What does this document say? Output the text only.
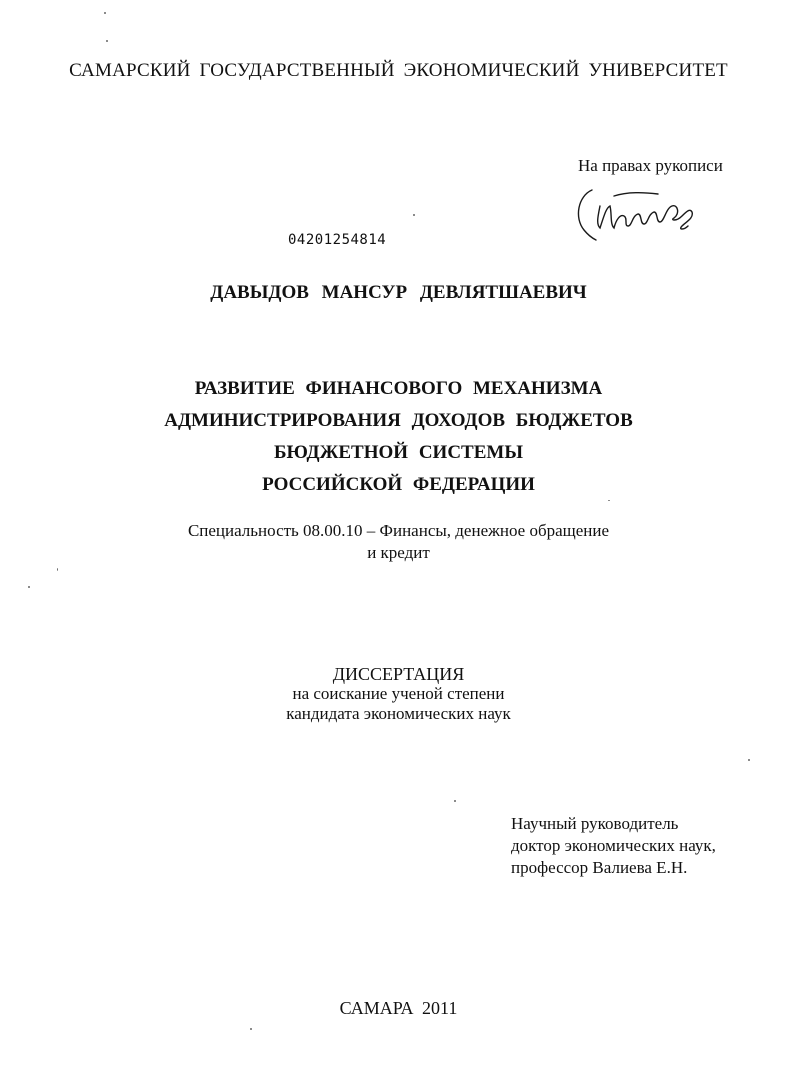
САМАРСКИЙ ГОСУДАРСТВЕННЫЙ ЭКОНОМИЧЕСКИЙ УНИВЕРСИТЕТ
На правах рукописи
04201254814
ДАВЫДОВ МАНСУР ДЕВЛЯТШАЕВИЧ
РАЗВИТИЕ ФИНАНСОВОГО МЕХАНИЗМА
АДМИНИСТРИРОВАНИЯ ДОХОДОВ БЮДЖЕТОВ
БЮДЖЕТНОЙ СИСТЕМЫ
РОССИЙСКОЙ ФЕДЕРАЦИИ
Специальность 08.00.10 – Финансы, денежное обращение
и кредит
ДИССЕРТАЦИЯ
на соискание ученой степени
кандидата экономических наук
Научный руководитель
доктор экономических наук,
профессор Валиева Е.Н.
САМАРА 2011
